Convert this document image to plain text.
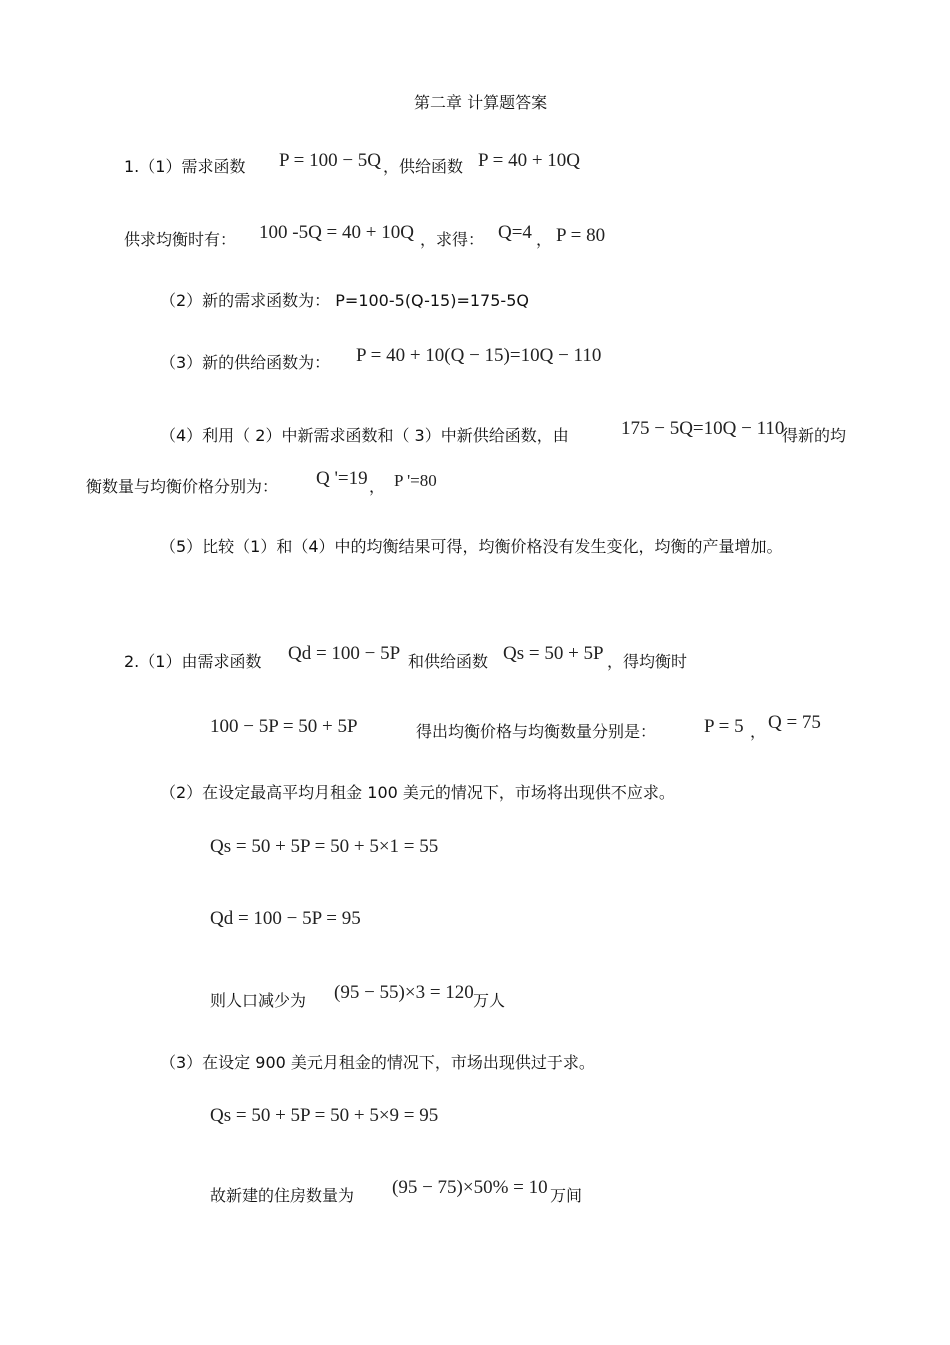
第二章 计算题答案
1.（1）需求函数 P = 100 − 5Q ，供给函数 P = 40 + 10Q
供求均衡时有： 100 -5Q = 40 + 10Q ，求得： Q=4 ， P = 80
（2）新的需求函数为： P=100-5(Q-15)=175-5Q
（3）新的供给函数为： P = 40 + 10(Q − 15)=10Q − 110
（4）利用（ 2）中新需求函数和（ 3）中新供给函数，由	175 − 5Q=10Q − 110
得新的均
衡数量与均衡价格分别为： Q '=19 ， P '=80
（5）比较（1）和（4）中的均衡结果可得，均衡价格没有发生变化，均衡的产量增加。
2.（1）由需求函数 Qd = 100 − 5P 和供给函数 Qs = 50 + 5P ，得均衡时
100 − 5P = 50 + 5P	得出均衡价格与均衡数量分别是：	P = 5 ， Q = 75
（2）在设定最高平均月租金 100 美元的情况下，市场将出现供不应求。
Qs = 50 + 5P = 50 + 5×1 = 55
Qd = 100 − 5P = 95
则人口减少为 (95 − 55)×3 = 120 万人
（3）在设定 900 美元月租金的情况下，市场出现供过于求。
Qs = 50 + 5P = 50 + 5×9 = 95
故新建的住房数量为 (95 − 75)×50% = 10 万间
